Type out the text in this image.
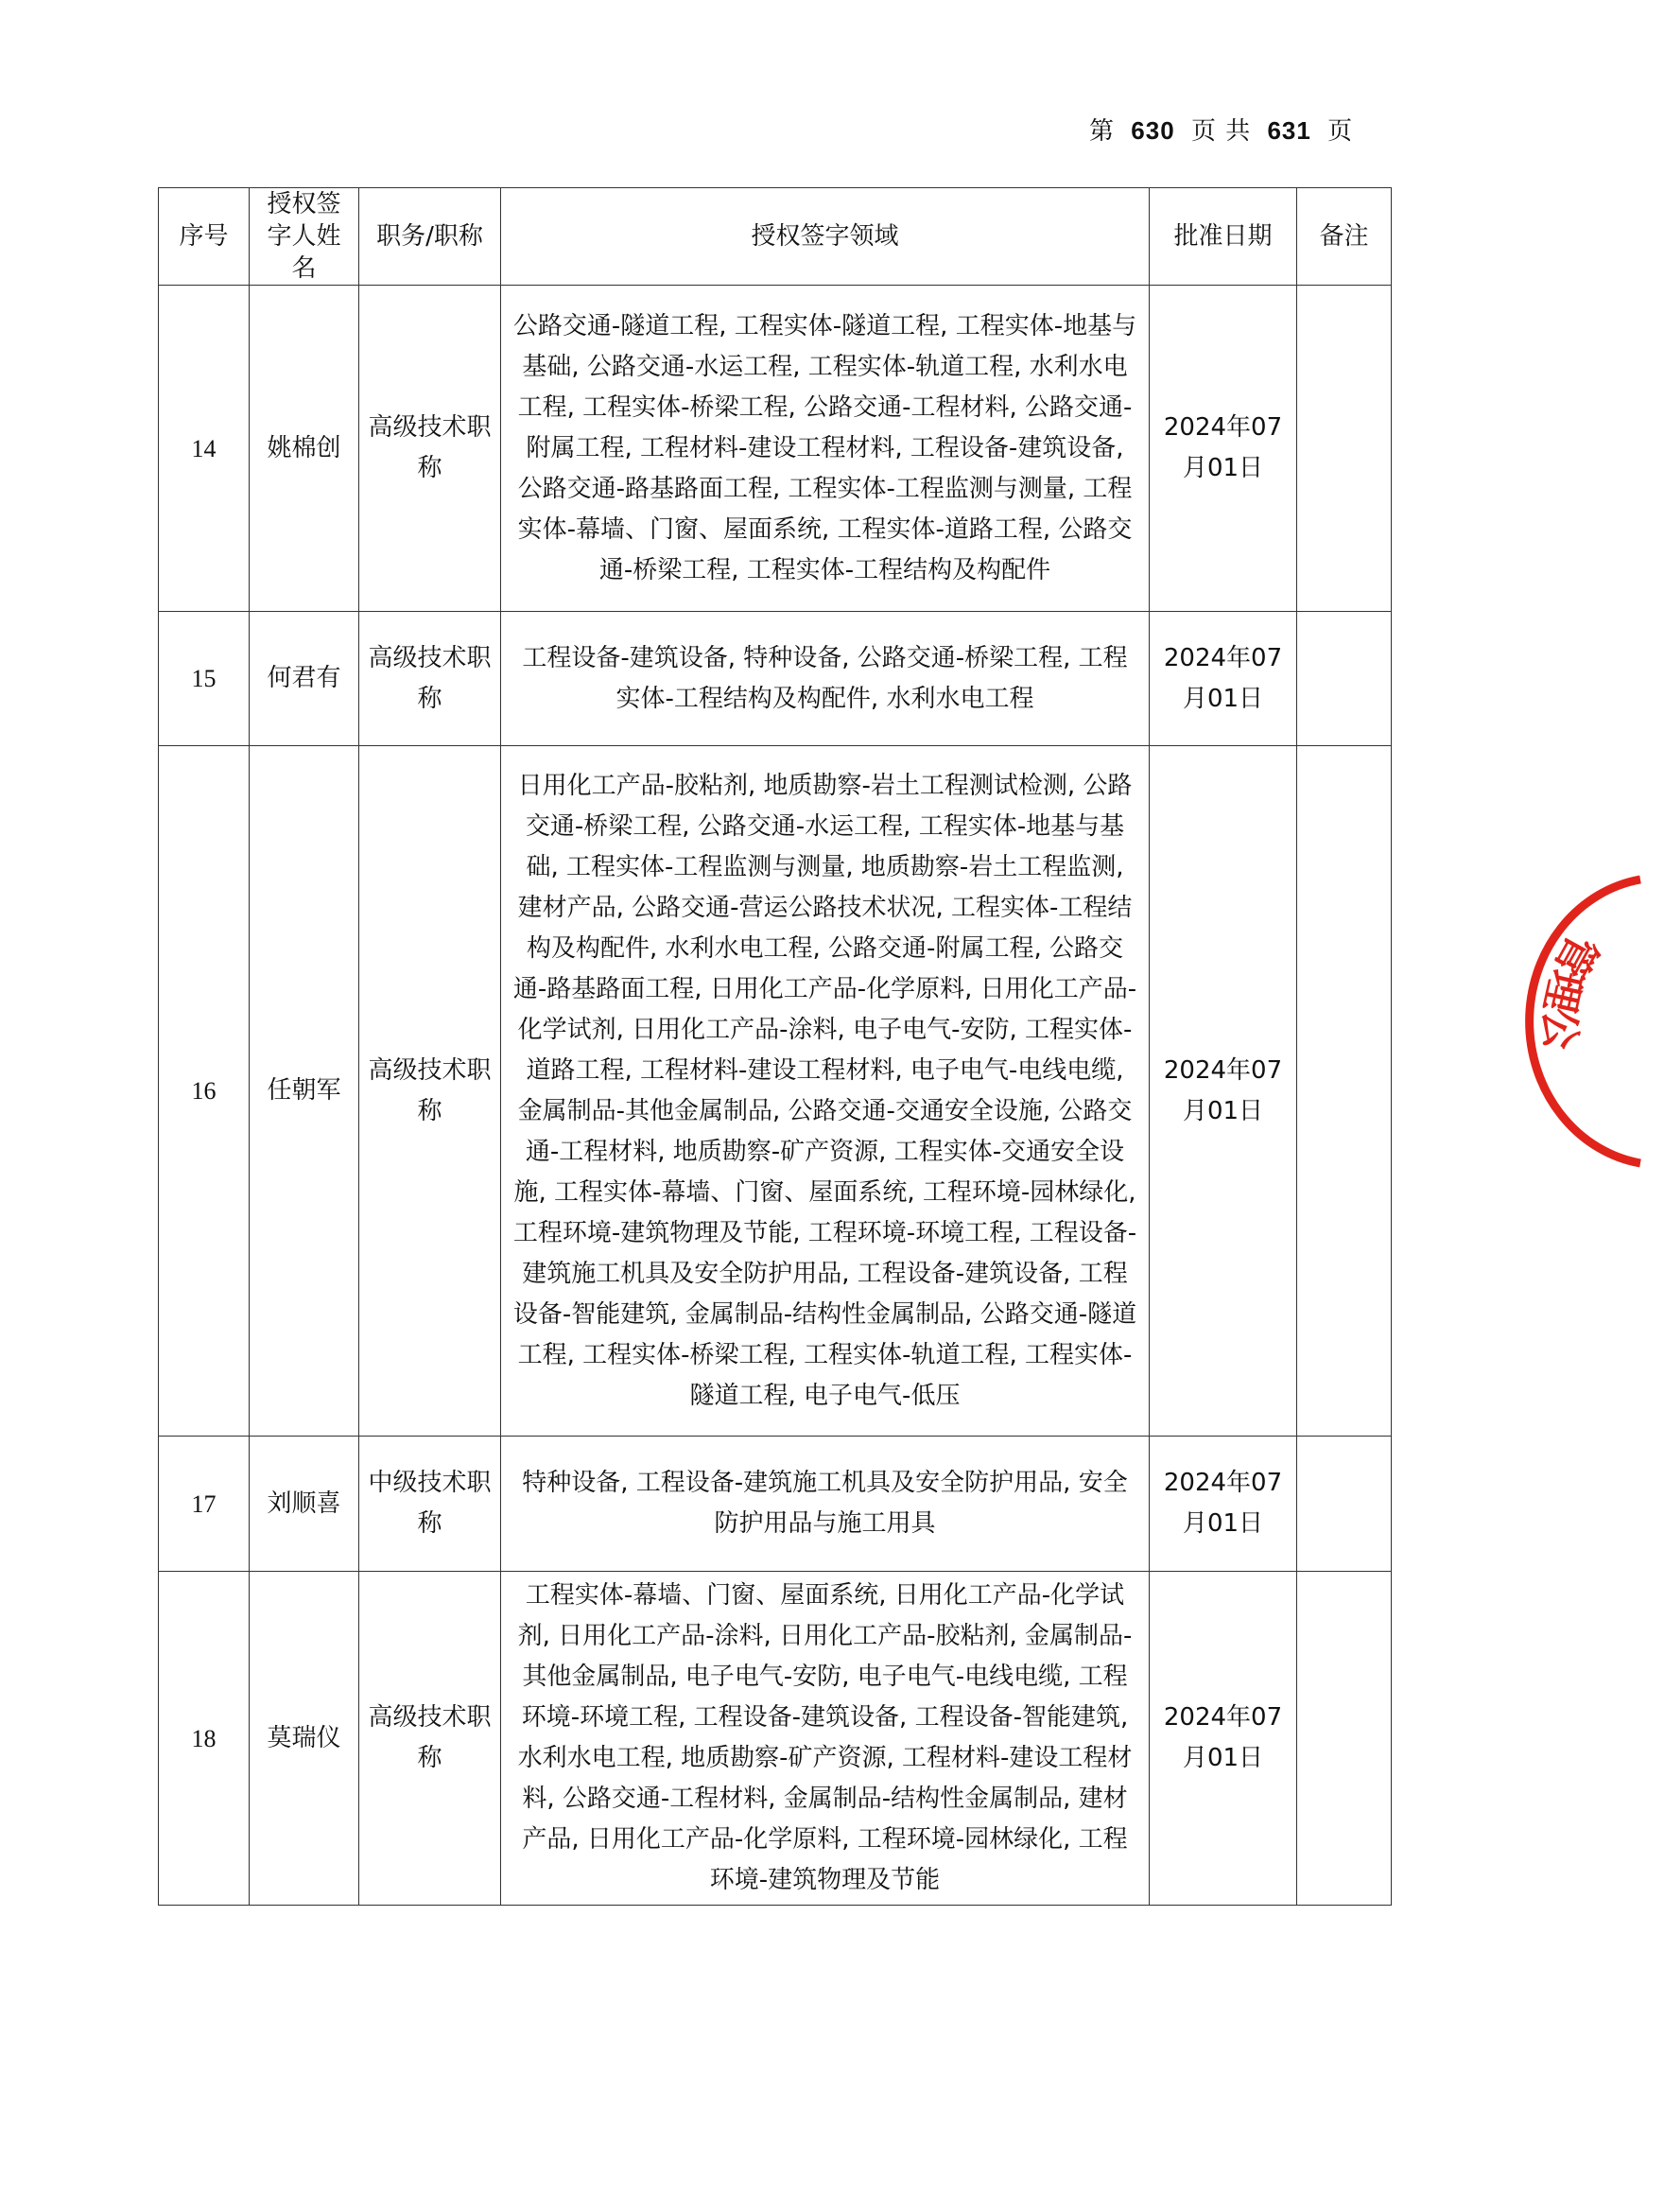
第 630 页 共 631 页
序号	授权签字人姓名	职务/职称	授权签字领域	批准日期	备注
14	姚棉创	高级技术职称	公路交通-隧道工程, 工程实体-隧道工程, 工程实体-地基与基础, 公路交通-水运工程, 工程实体-轨道工程, 水利水电工程, 工程实体-桥梁工程, 公路交通-工程材料, 公路交通-附属工程, 工程材料-建设工程材料, 工程设备-建筑设备, 公路交通-路基路面工程, 工程实体-工程监测与测量, 工程实体-幕墙、门窗、屋面系统, 工程实体-道路工程, 公路交通-桥梁工程, 工程实体-工程结构及构配件	2024年07月01日	
15	何君有	高级技术职称	工程设备-建筑设备, 特种设备, 公路交通-桥梁工程, 工程实体-工程结构及构配件, 水利水电工程	2024年07月01日	
16	任朝军	高级技术职称	日用化工产品-胶粘剂, 地质勘察-岩土工程测试检测, 公路交通-桥梁工程, 公路交通-水运工程, 工程实体-地基与基础, 工程实体-工程监测与测量, 地质勘察-岩土工程监测, 建材产品, 公路交通-营运公路技术状况, 工程实体-工程结构及构配件, 水利水电工程, 公路交通-附属工程, 公路交通-路基路面工程, 日用化工产品-化学原料, 日用化工产品-化学试剂, 日用化工产品-涂料, 电子电气-安防, 工程实体-道路工程, 工程材料-建设工程材料, 电子电气-电线电缆, 金属制品-其他金属制品, 公路交通-交通安全设施, 公路交通-工程材料, 地质勘察-矿产资源, 工程实体-交通安全设施, 工程实体-幕墙、门窗、屋面系统, 工程环境-园林绿化, 工程环境-建筑物理及节能, 工程环境-环境工程, 工程设备-建筑施工机具及安全防护用品, 工程设备-建筑设备, 工程设备-智能建筑, 金属制品-结构性金属制品, 公路交通-隧道工程, 工程实体-桥梁工程, 工程实体-轨道工程, 工程实体-隧道工程, 电子电气-低压	2024年07月01日	
17	刘顺喜	中级技术职称	特种设备, 工程设备-建筑施工机具及安全防护用品, 安全防护用品与施工用具	2024年07月01日	
18	莫瑞仪	高级技术职称	工程实体-幕墙、门窗、屋面系统, 日用化工产品-化学试剂, 日用化工产品-涂料, 日用化工产品-胶粘剂, 金属制品-其他金属制品, 电子电气-安防, 电子电气-电线电缆, 工程环境-环境工程, 工程设备-建筑设备, 工程设备-智能建筑, 水利水电工程, 地质勘察-矿产资源, 工程材料-建设工程材料, 公路交通-工程材料, 金属制品-结构性金属制品, 建材产品, 日用化工产品-化学原料, 工程环境-园林绿化, 工程环境-建筑物理及节能	2024年07月01日	
管理公
